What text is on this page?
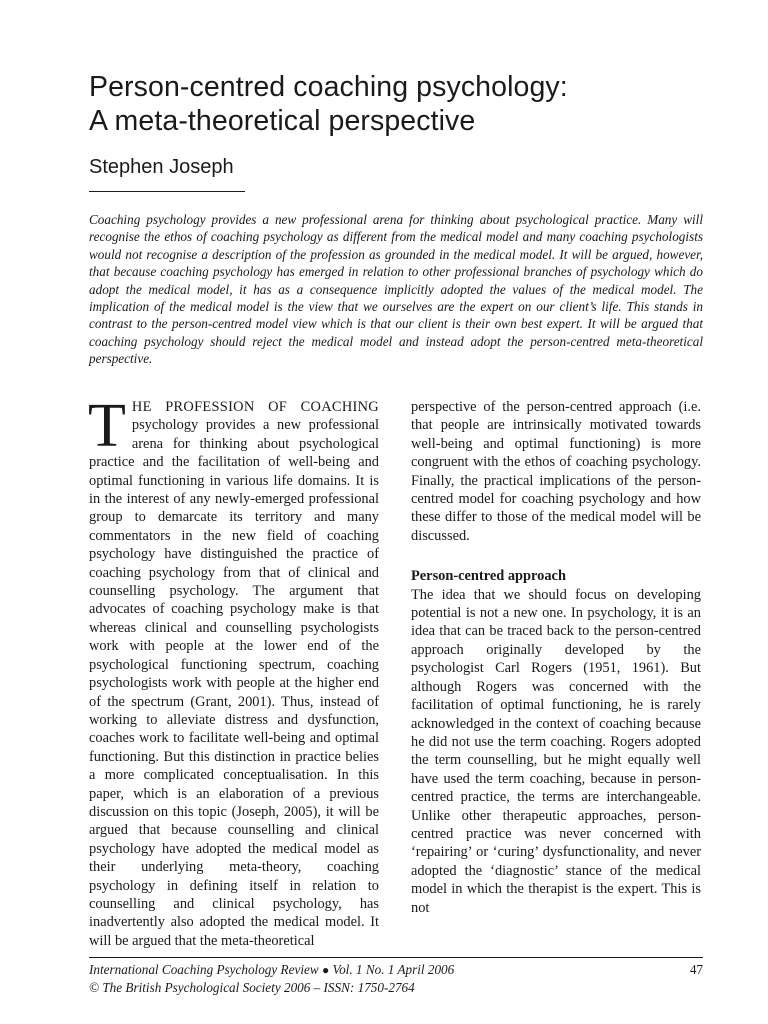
Person-centred coaching psychology:
A meta-theoretical perspective

Stephen Joseph

Coaching psychology provides a new professional arena for thinking about psychological practice. Many will recognise the ethos of coaching psychology as different from the medical model and many coaching psychologists would not recognise a description of the profession as grounded in the medical model. It will be argued, however, that because coaching psychology has emerged in relation to other professional branches of psychology which do adopt the medical model, it has as a consequence implicitly adopted the values of the medical model. The implication of the medical model is the view that we ourselves are the expert on our client’s life. This stands in contrast to the person-centred model view which is that our client is their own best expert. It will be argued that coaching psychology should reject the medical model and instead adopt the person-centred meta-theoretical perspective.

THE PROFESSION OF COACHING psychology provides a new professional arena for thinking about psychological practice and the facilitation of well-being and optimal functioning in various life domains. It is in the interest of any newly-emerged professional group to demarcate its territory and many commentators in the new field of coaching psychology have distinguished the practice of coaching psychology from that of clinical and counselling psychology. The argument that advocates of coaching psychology make is that whereas clinical and counselling psychologists work with people at the lower end of the psychological functioning spectrum, coaching psychologists work with people at the higher end of the spectrum (Grant, 2001). Thus, instead of working to alleviate distress and dysfunction, coaches work to facilitate well-being and optimal functioning. But this distinction in practice belies a more complicated conceptualisation. In this paper, which is an elaboration of a previous discussion on this topic (Joseph, 2005), it will be argued that because counselling and clinical psychology have adopted the medical model as their underlying meta-theory, coaching psychology in defining itself in relation to counselling and clinical psychology, has inadvertently also adopted the medical model. It will be argued that the meta-theoretical

perspective of the person-centred approach (i.e. that people are intrinsically motivated towards well-being and optimal functioning) is more congruent with the ethos of coaching psychology. Finally, the practical implications of the person-centred model for coaching psychology and how these differ to those of the medical model will be discussed.

Person-centred approach

The idea that we should focus on developing potential is not a new one. In psychology, it is an idea that can be traced back to the person-centred approach originally developed by the psychologist Carl Rogers (1951, 1961). But although Rogers was concerned with the facilitation of optimal functioning, he is rarely acknowledged in the context of coaching because he did not use the term coaching. Rogers adopted the term counselling, but he might equally well have used the term coaching, because in person-centred practice, the terms are interchangeable. Unlike other therapeutic approaches, person-centred practice was never concerned with ‘repairing’ or ‘curing’ dysfunctionality, and never adopted the ‘diagnostic’ stance of the medical model in which the therapist is the expert. This is not

International Coaching Psychology Review ● Vol. 1 No. 1 April 2006	47
© The British Psychological Society 2006 – ISSN: 1750-2764
